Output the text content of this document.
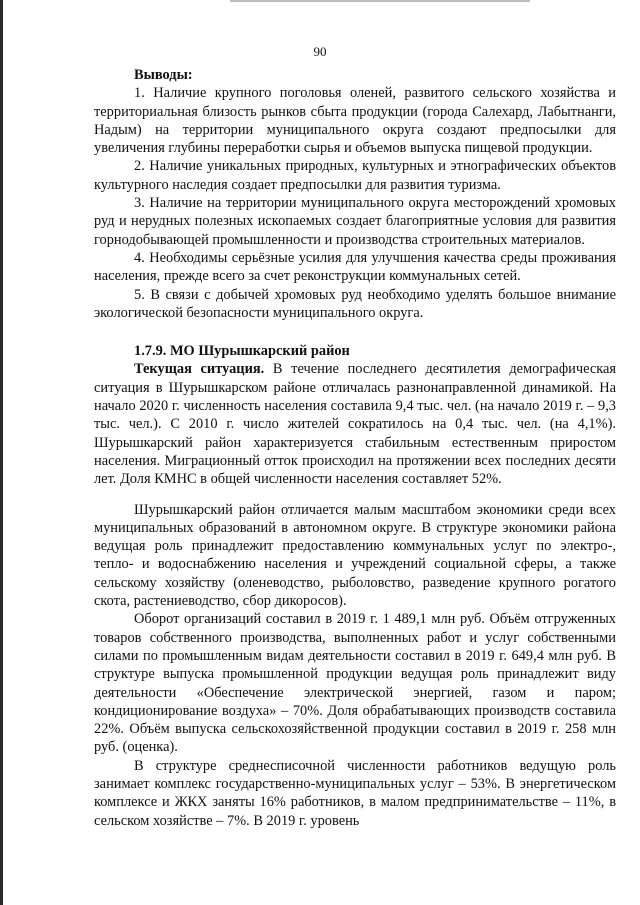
90

Выводы:

1. Наличие крупного поголовья оленей, развитого сельского хозяйства и территориальная близость рынков сбыта продукции (города Салехард, Лабытнанги, Надым) на территории муниципального округа создают предпосылки для увеличения глубины переработки сырья и объемов выпуска пищевой продукции.

2. Наличие уникальных природных, культурных и этнографических объектов культурного наследия создает предпосылки для развития туризма.

3. Наличие на территории муниципального округа месторождений хромовых руд и нерудных полезных ископаемых создает благоприятные условия для развития горнодобывающей промышленности и производства строительных материалов.

4. Необходимы серьёзные усилия для улучшения качества среды проживания населения, прежде всего за счет реконструкции коммунальных сетей.

5. В связи с добычей хромовых руд необходимо уделять большое внимание экологической безопасности муниципального округа.

1.7.9. МО Шурышкарский район

Текущая ситуация. В течение последнего десятилетия демографическая ситуация в Шурышкарском районе отличалась разнонаправленной динамикой. На начало 2020 г. численность населения составила 9,4 тыс. чел. (на начало 2019 г. – 9,3 тыс. чел.). С 2010 г. число жителей сократилось на 0,4 тыс. чел. (на 4,1%). Шурышкарский район характеризуется стабильным естественным приростом населения. Миграционный отток происходил на протяжении всех последних десяти лет. Доля КМНС в общей численности населения составляет 52%.

Шурышкарский район отличается малым масштабом экономики среди всех муниципальных образований в автономном округе. В структуре экономики района ведущая роль принадлежит предоставлению коммунальных услуг по электро-, тепло- и водоснабжению населения и учреждений социальной сферы, а также сельскому хозяйству (оленеводство, рыболовство, разведение крупного рогатого скота, растениеводство, сбор дикоросов).

Оборот организаций составил в 2019 г. 1 489,1 млн руб. Объём отгруженных товаров собственного производства, выполненных работ и услуг собственными силами по промышленным видам деятельности составил в 2019 г. 649,4 млн руб. В структуре выпуска промышленной продукции ведущая роль принадлежит виду деятельности «Обеспечение электрической энергией, газом и паром; кондиционирование воздуха» – 70%. Доля обрабатывающих производств составила 22%. Объём выпуска сельскохозяйственной продукции составил в 2019 г. 258 млн руб. (оценка).

В структуре среднесписочной численности работников ведущую роль занимает комплекс государственно-муниципальных услуг – 53%. В энергетическом комплексе и ЖКХ заняты 16% работников, в малом предпринимательстве – 11%, в сельском хозяйстве – 7%. В 2019 г. уровень
